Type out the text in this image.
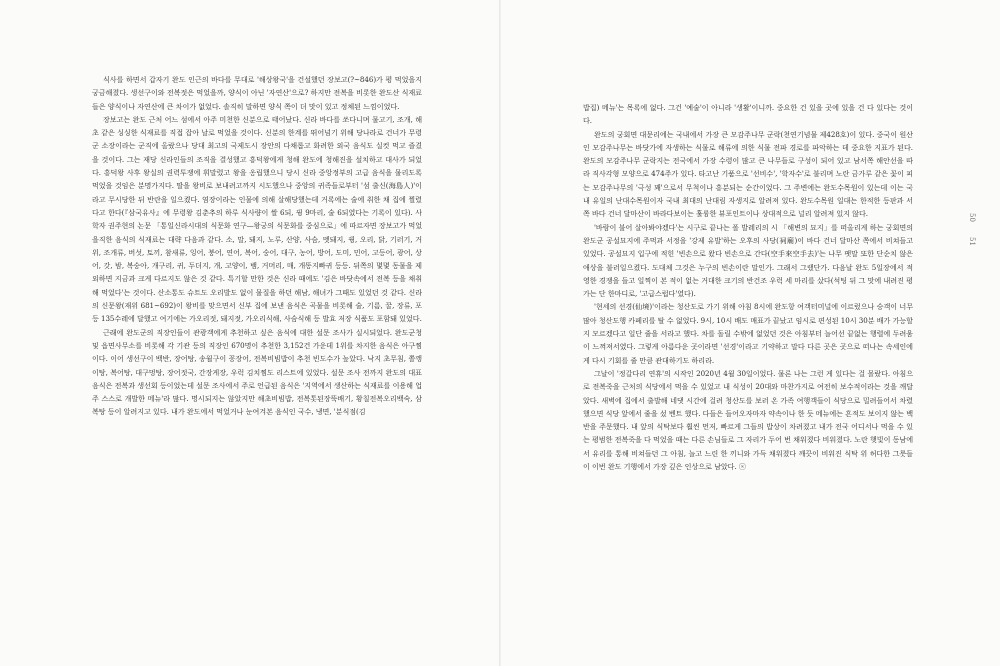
식사를 하면서 갑자기 완도 인근의 바다를 무대로 '해상왕국'을 건설했던 장보고(?~846)가 평 먹었을지 궁금해졌다. 생선구이와 전복젓은 먹었을까, 양식이 아닌 '자연산'으로? 하지만 전복을 비롯한 완도산 식재료들은 양식이나 자연산에 큰 차이가 없었다. 솔직히 말하면 양식 쪽이 더 맛이 있고 정체된 느낌이었다.

장보고는 완도 근처 어느 섬에서 아주 미천한 신분으로 태어났다. 신라 바다를 쏘다니며 물고기, 조개, 해초 같은 싱싱한 식재료를 직접 잡아 날로 먹었을 것이다. 신분의 한계를 뛰어넘기 위해 당나라로 건너가 무령군 소장이라는 군직에 올랐으나 당대 최고의 국제도시 장안의 다채롭고 화려한 외국 음식도 실컷 먹고 즐겼을 것이다. 그는 재당 신라인들의 조직을 결성했고 흥덕왕에게 청해 완도에 청해진을 설치하고 대사가 되었다. 흥덕왕 사후 왕실의 권력투쟁에 휘말렸고 왕을 옹립했으니 당시 신라 중앙정부의 고급 음식을 물리도록 먹었을 것임은 분명가지다. 딸을 왕비로 보내려고까지 시도했으나 중앙의 귀족들로부터 '섬 출신(海島人)'이라고 무시당한 뒤 반란을 일으켰다. 염장이라는 인물에 의해 살해당했는데 거록에는 술에 취한 채 집에 찔렸다고 한다(『삼국유사』에 무령왕 김춘추의 하루 식사량이 쌀 6되, 꿩 9마리, 술 6되였다는 기록이 있다). 사학자 권주현의 논문 「통일신라시대의 식문화 연구—왕궁의 식문화를 중심으로」에 따르자면 장보고가 먹었을직한 음식의 식재료는 대략 다음과 같다. 소, 말, 돼지, 노루, 산양, 사슴, 멧돼지, 꿩, 오리, 닭, 기러기, 거위, 조개류, 버섯, 토끼, 참새류, 잉어, 붕어, 연어, 복어, 숭어, 대구, 농어, 방어, 도미, 민어, 고등어, 광어, 상어, 갓, 밤, 복숭아, 개구리, 귀, 두더지, 개, 고양이, 뱀, 거머리, 매, 개똥지빠귀 등등. 뒤쪽의 몇몇 동물을 제외하면 지금과 크게 다르지도 않은 것 같다. 특기할 만한 것은 신라 때에도 '김은 바닷속에서 전복 등을 채취해 먹었다'는 것이다. 산소통도 슈트도 오리발도 없이 물질을 하던 해남, 해녀가 그때도 있었던 것 같다. 신라의 신문왕(재위 681~692)이 왕비를 맞으면서 신부 집에 보낸 음식은 곡물을 비롯해 술, 기름, 꿀, 장류, 포 등 135수레에 달했고 여기에는 가오리젓, 돼지젓, 가오리식해, 사슴식해 등 발효 저장 식품도 포함돼 있었다.

근래에 완도군의 직장인들이 관광객에게 추천하고 싶은 음식에 대한 설문 조사가 실시되었다. 완도군청 및 읍면사무소를 비롯해 각 기관 등의 직장인 670명이 추천한 3,152건 가운데 1위를 차지한 음식은 아구찜이다. 이어 생선구이 백반, 장어탕, 송월구이 꽁장어, 전복비빔밥이 추천 빈도수가 높았다. 낙지 초무침, 쫄깽이탕, 복어탕, 대구멍탕, 장어젓국, 간장게장, 우럭 김치찜도 리스트에 있었다. 설문 조사 전까지 완도의 대표 음식은 전복과 생선회 등이었는데 설문 조사에서 주로 언급된 음식은 '지역에서 생산하는 식재료를 이용해 업주 스스로 개발한 메뉴'라 많다. 명시되지는 않았지만 해초비빔밥, 전복톳된장뚝배기, 황칠전복오리백숙, 삼복탕 등이 알려지고 있다. 내가 완도에서 먹었거나 눈여겨본 음식인 국수, 냉면, '분식점(김

밥집) 메뉴'는 목록에 없다. 그건 '예술'이 아니라 '생활'이니까. 중요한 건 있을 곳에 있을 건 다 있다는 것이다.

완도의 궁회면 대문리에는 국내에서 가장 큰 모감주나무 군락(천연기념물 제428호)이 있다. 중국이 원산인 모감주나무는 바닷가에 자생하는 식물로 해류에 의한 식물 전파 경로를 파악하는 데 중요한 지표가 된다. 완도의 모감주나무 군락지는 전국에서 가장 수령이 많고 큰 나무들로 구성이 되어 있고 남서쪽 해안선을 따라 직사각형 모양으로 474주가 있다. 타고난 기품으로 '선비수', '학자수'로 불리며 노란 금가루 같은 꽃이 피는 모감주나무의 '극성 꽤'으로서 무척이나 흥분되는 순간이었다. 그 주변에는 완도수목원이 있는데 이는 국내 유일의 난대수목원이자 국내 최대의 난대림 자생지로 알려져 있다. 완도수목원 일대는 한적한 등판과 서쪽 바다 건너 달마산이 바라다보이는 훌륭한 뷰포인트이나 상대적으로 널리 알려져 있지 않다.

'바람이 불어 살아봐야겠다'는 시구로 끝나는 폴 발레리의 시 「해변의 묘지」를 떠올리게 하는 궁회면의 완도군 공설묘지에 주먹과 서정을 '강제 유발'하는 오후의 사당(祠廟)이 바다 건너 달마산 쪽에서 비쳐들고 있었다. 공설묘지 입구에 적힌 '빈손으로 왔다 빈손으로 간다(空手來空手去)'는 나무 팻말 또한 단순치 않은 애상을 불러일으켰다. 도대체 그것은 누구의 빈손이란 말인가. 그래서 그랬단가. 다음날 완도 5일장에서 적영한 경쟁을 들고 일찍이 본 적이 없는 거대한 크기의 반건조 우럭 세 마리를 샀다(석팅 뒤 그 맛에 내려진 평가는 단 한마디로, '고급스럽다'였다).

'현세의 선경(仙境)'이라는 청산도로 가기 위해 아침 8시에 완도항 여객터미널에 이르렀으나 승객이 너무 많아 청산도행 카페리를 탈 수 없었다. 9시, 10시 배도 매표가 끝났고 임시로 편성된 10시 30분 배가 가능할지 모르겠다고 일단 줄을 서라고 했다. 차를 돌릴 수밖에 없었던 것은 아침부터 늘어선 끝없는 행렬에 두려움이 느껴져서였다. 그렇게 아름다운 곳이라면 '선경'이라고 기약하고 말다 다른 곳은 곳으로 떠나는 속세인에게 다시 기회를 줄 만큼 관대하기도 하리라.

그날이 '정갈다리 연휴'의 시작인 2020년 4월 30일이었다. 물론 나는 그런 게 있다는 걸 몰랐다. 아침으로 전복죽을 근처의 식당에서 먹을 수 있었고 내 식성이 20대와 마찬가지로 여전히 보수적이라는 것을 깨달았다. 새벽에 집에서 출발해 네댓 시간에 걸려 청산도를 보러 온 가족 여행객들이 식당으로 밀려들어서 차렸했으면 식당 앞에서 줄을 섰 벤트 했다. 다들은 들어오자마자 약속이나 한 듯 메뉴에는 흔적도 보이지 않는 백반을 주문했다. 내 앞의 식탁보다 훨씬 먼저, 빠르게 그들의 밥상이 차려졌고 내가 전국 어디서나 먹을 수 있는 평범한 전복죽을 다 먹었을 때는 다른 손님들로 그 자리가 두어 번 채워졌다 비워졌다. 노란 햇빛이 동남에서 유리를 통해 비쳐들던 그 아침, 늘고 느린 한 끼니와 가득 채워졌다 깨끗이 비워진 식탁 위 허다한 그릇들이 이번 완도 기행에서 가장 깊은 인상으로 남았다. ⓢ

50
51
